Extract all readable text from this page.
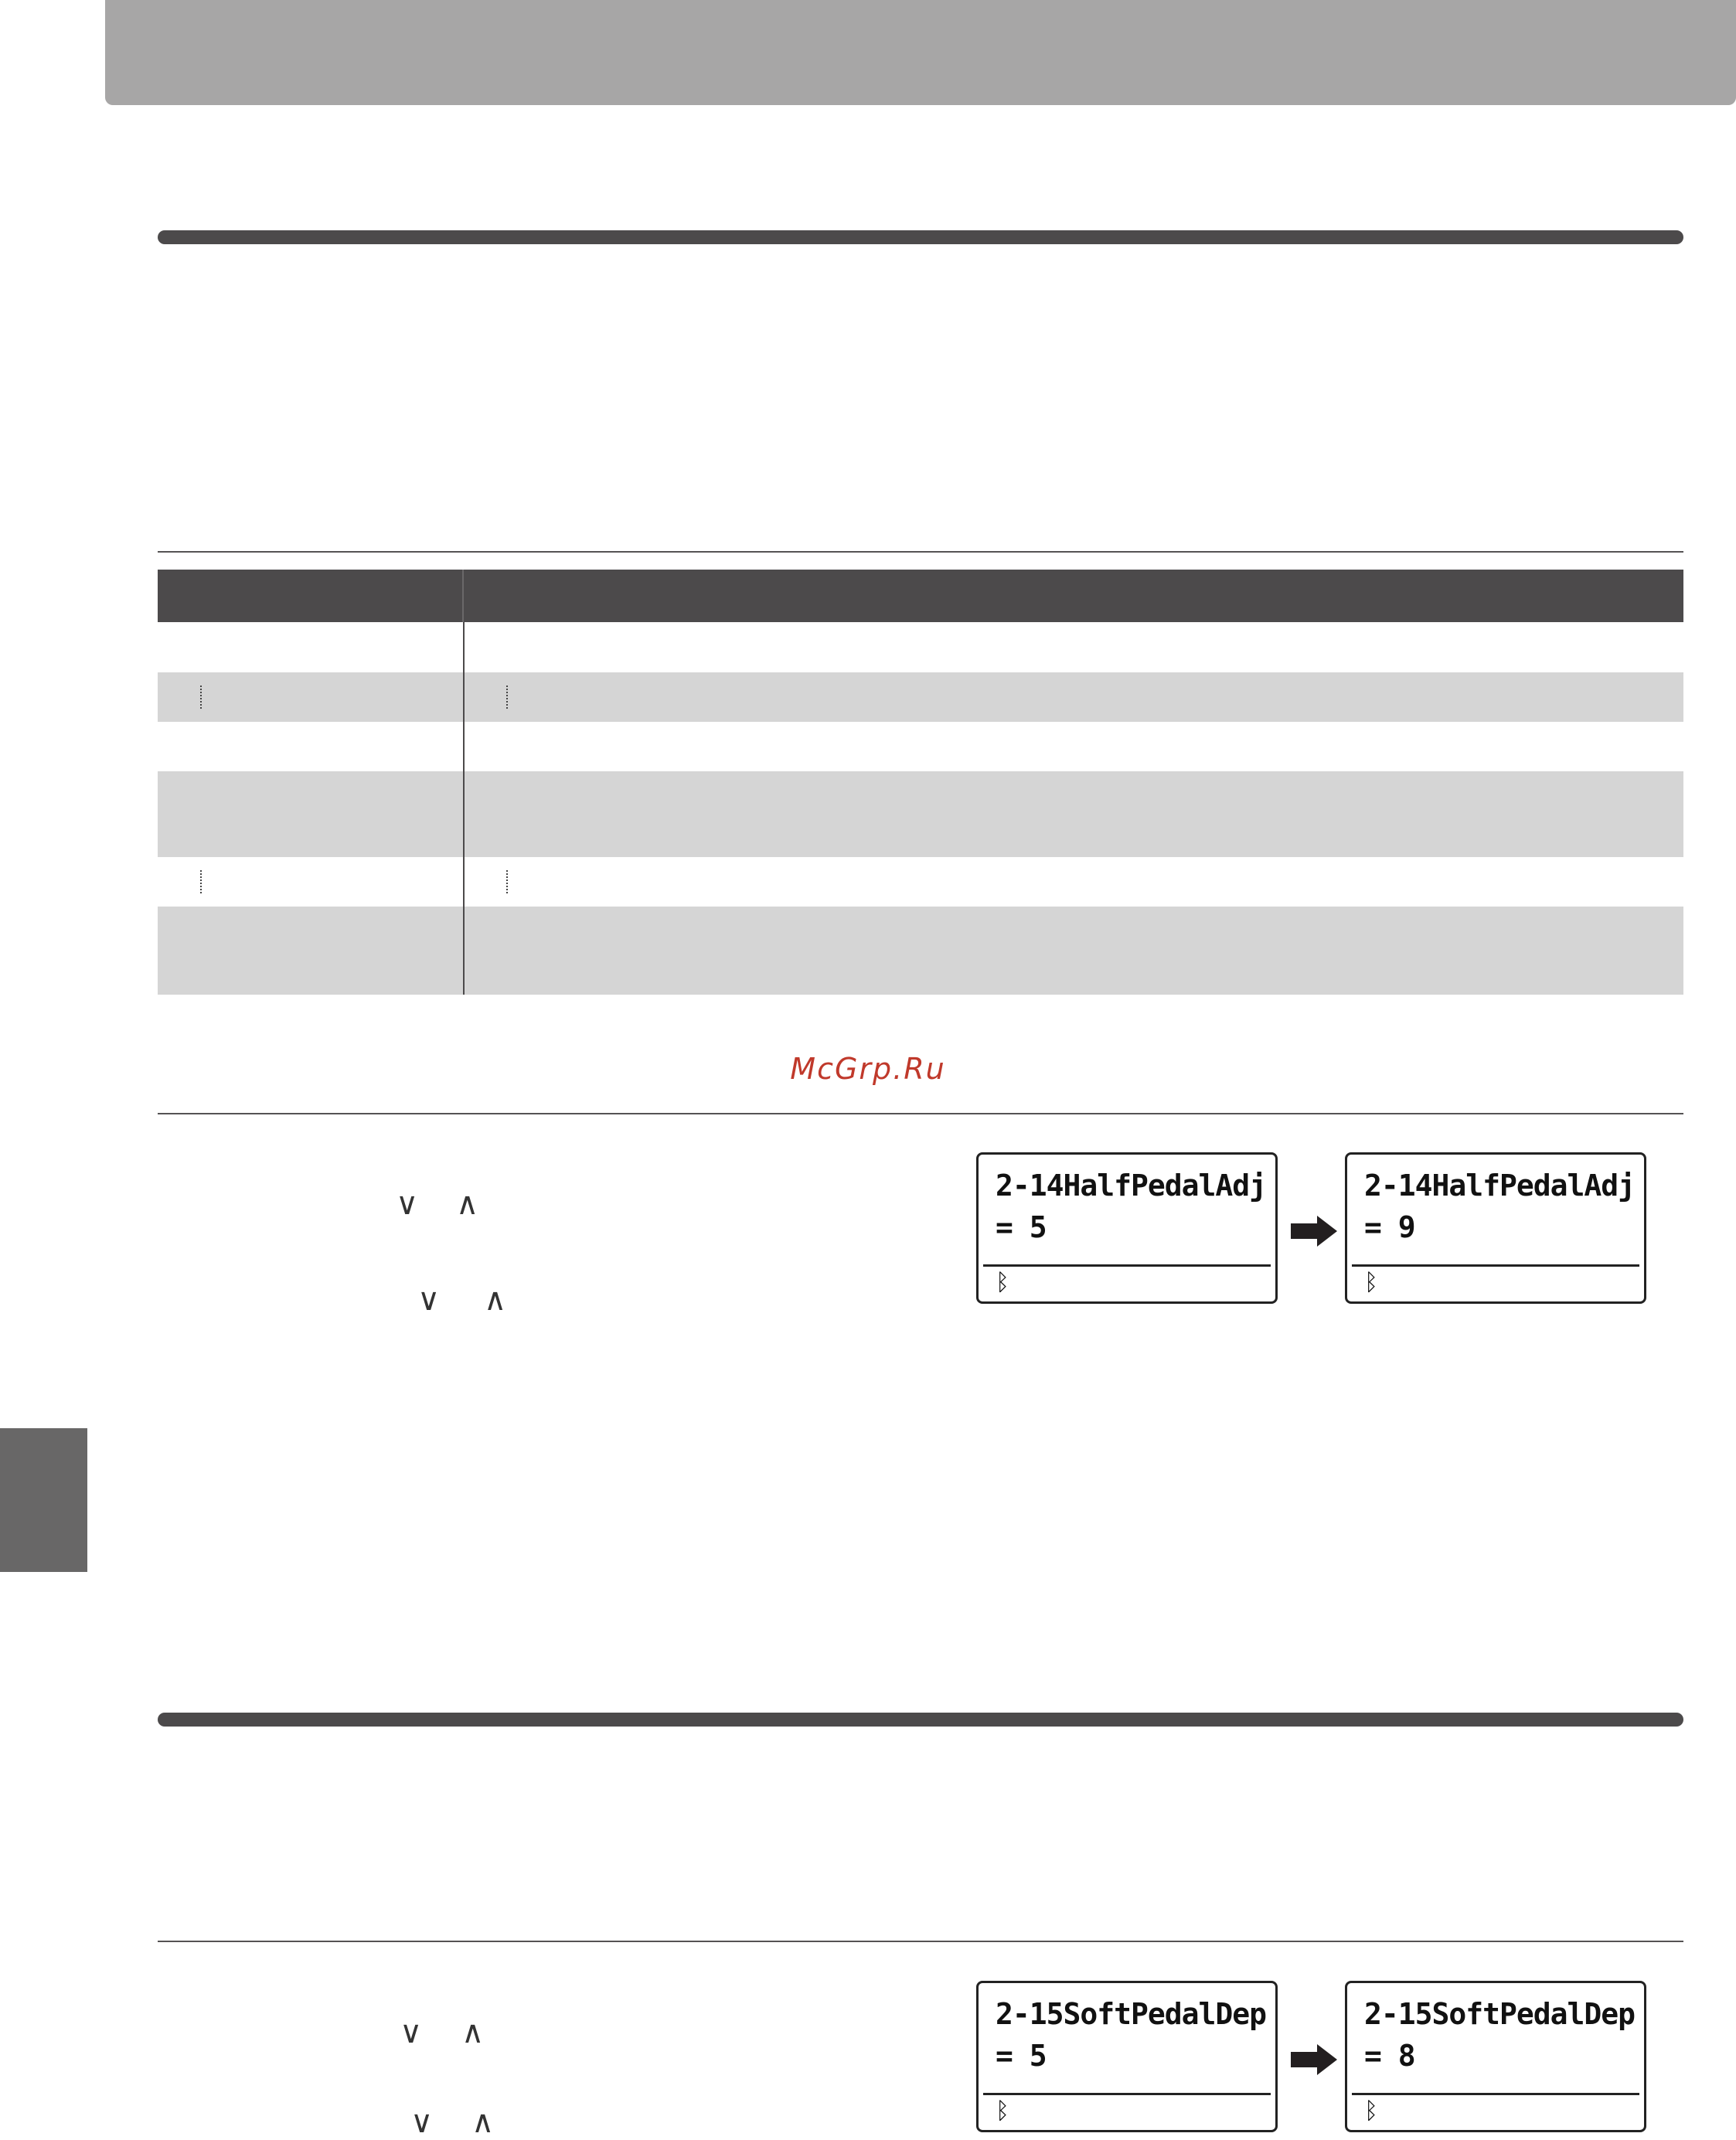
McGrp.Ru
∨ ∧
∨ ∧
2-14HalfPedalAdj
= 5
ᛒ
2-14HalfPedalAdj
= 9
ᛒ
∨ ∧
∨ ∧
2-15SoftPedalDep
= 5
ᛒ
2-15SoftPedalDep
= 8
ᛒ
